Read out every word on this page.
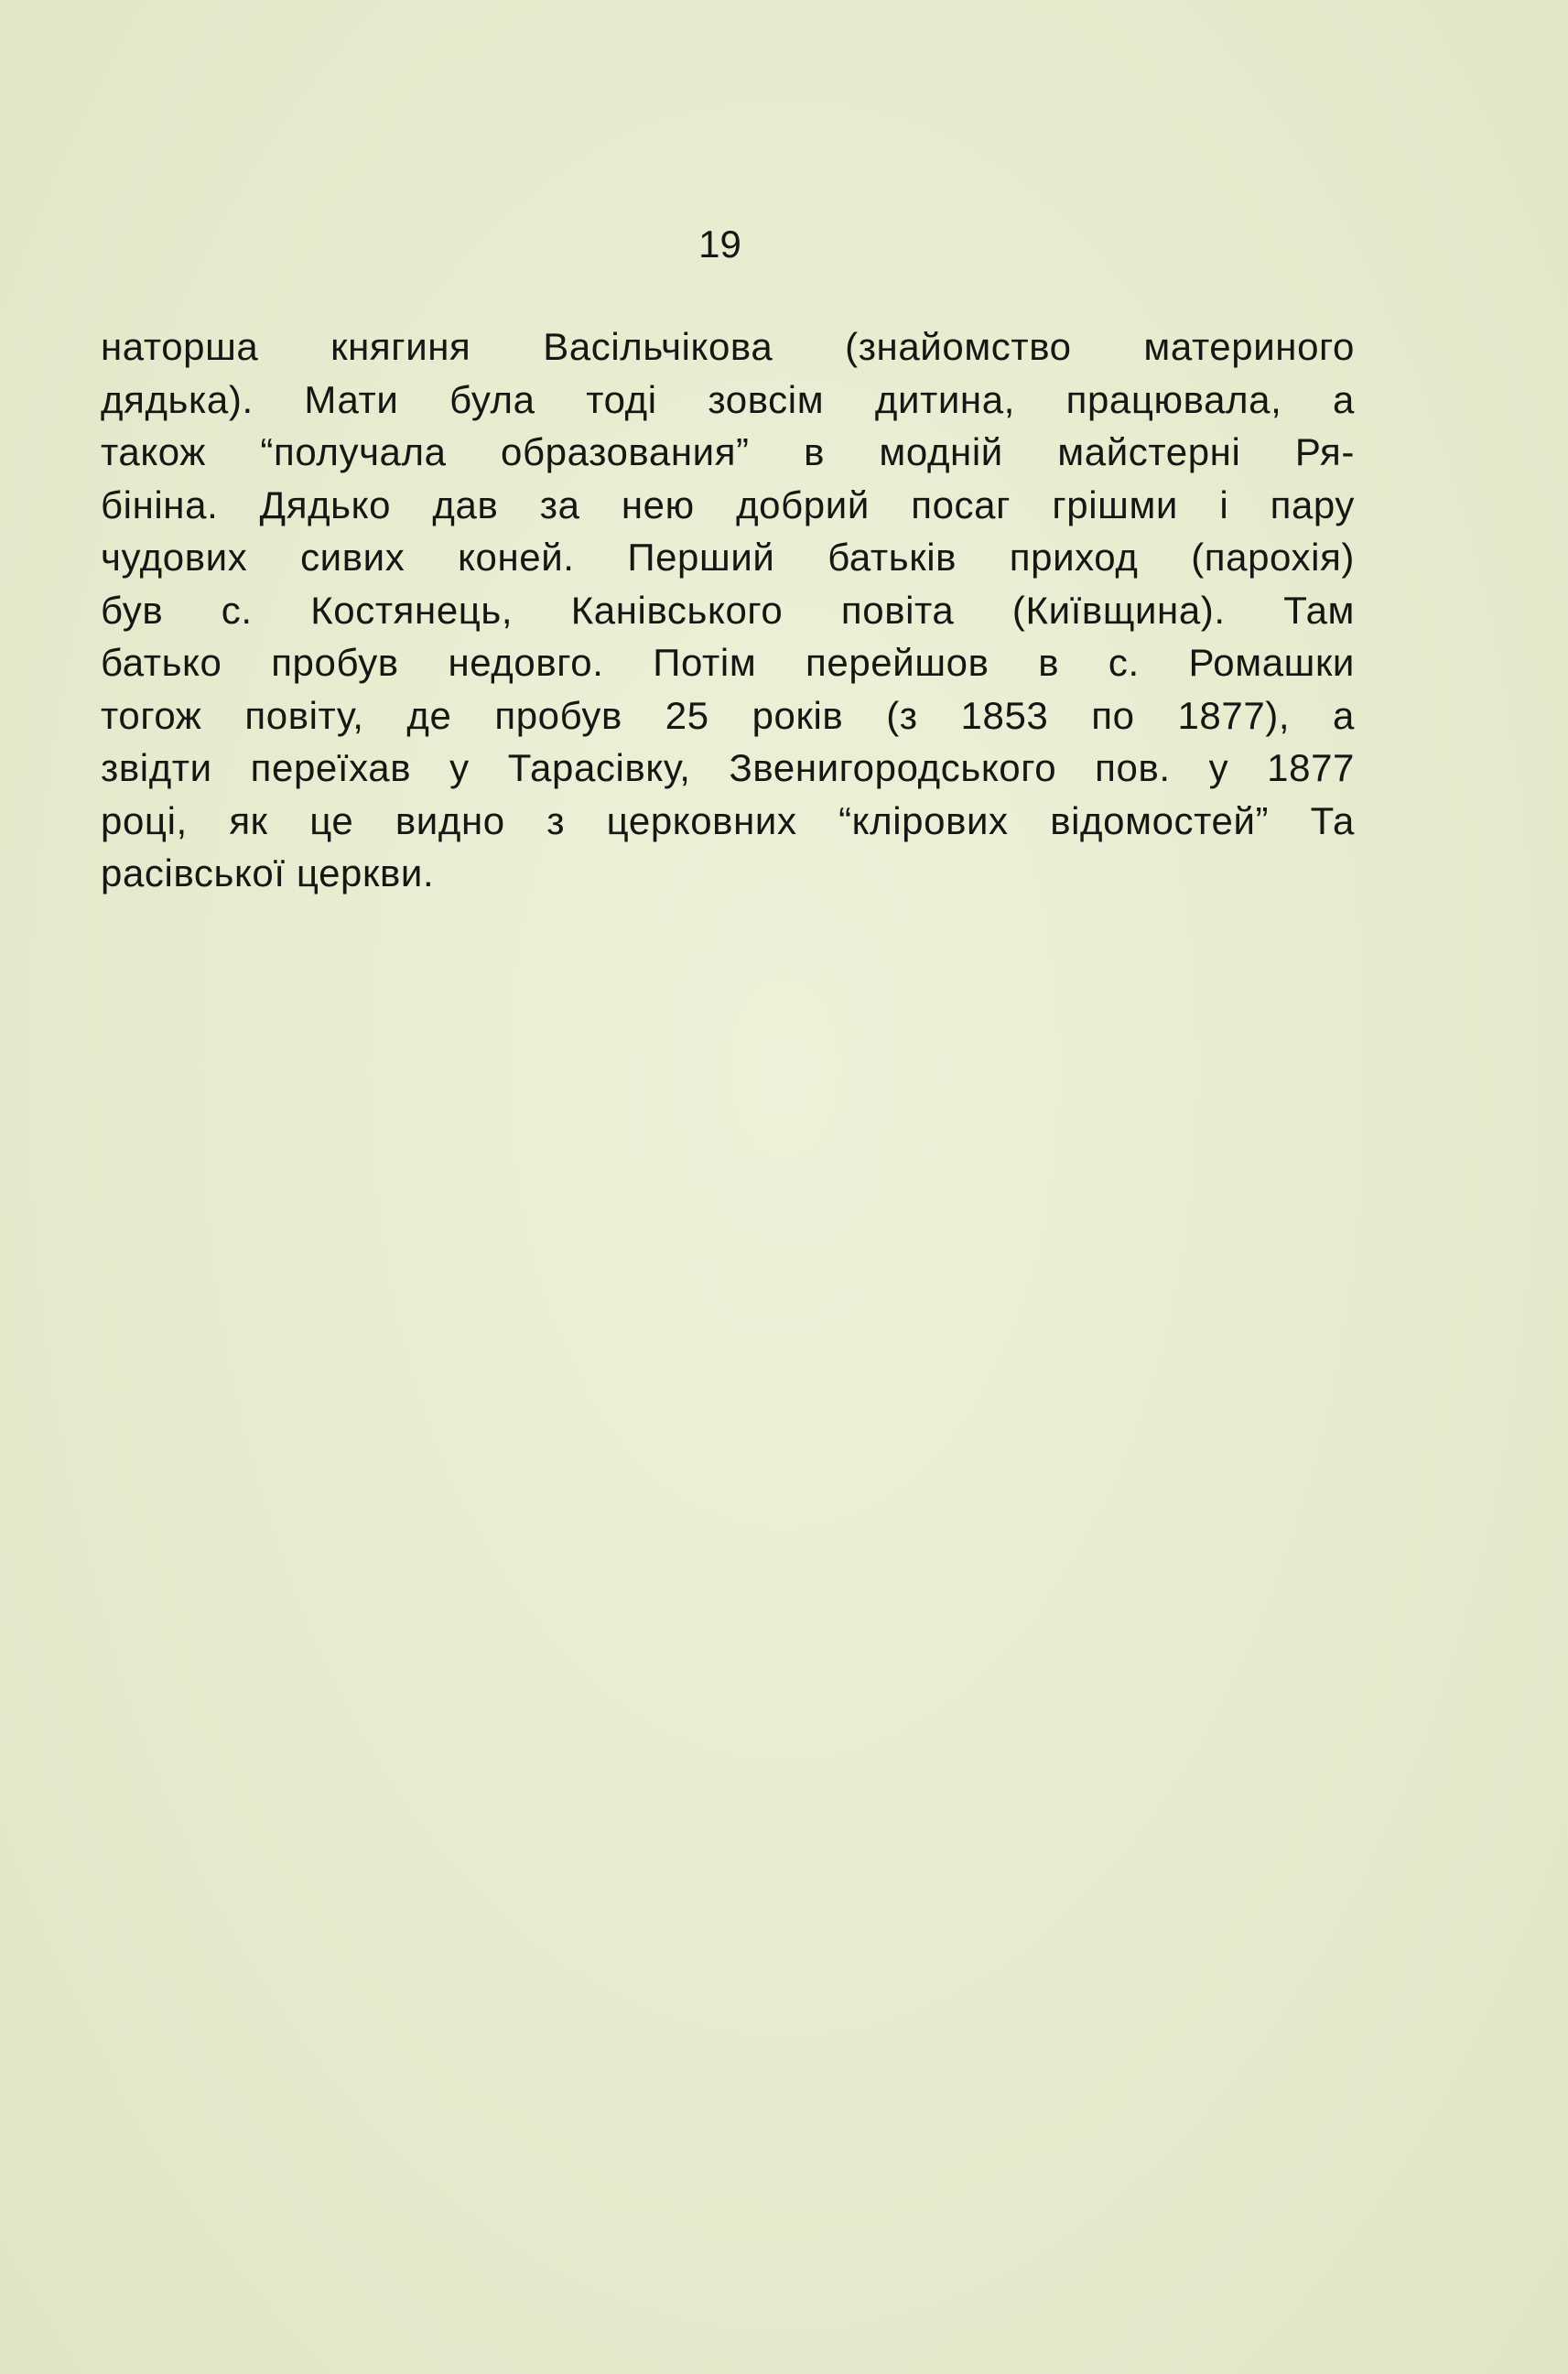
19
наторша княгиня Васільчікова (знайомство материного
дядька). Мати була тоді зовсім дитина, працювала, а
також “получала образования” в модній майстерні Ря-
бініна. Дядько дав за нею добрий посаг грішми і пару
чудових сивих коней. Перший батьків приход (парохія)
був с. Костянець, Канівського повіта (Київщина). Там
батько пробув недовго. Потім перейшов в с. Ромашки
тогож повіту, де пробув 25 років (з 1853 по 1877), а
звідти переїхав у Тарасівку, Звенигородського пов. у 1877
році, як це видно з церковних “клірових відомостей” Та
расівської церкви.
